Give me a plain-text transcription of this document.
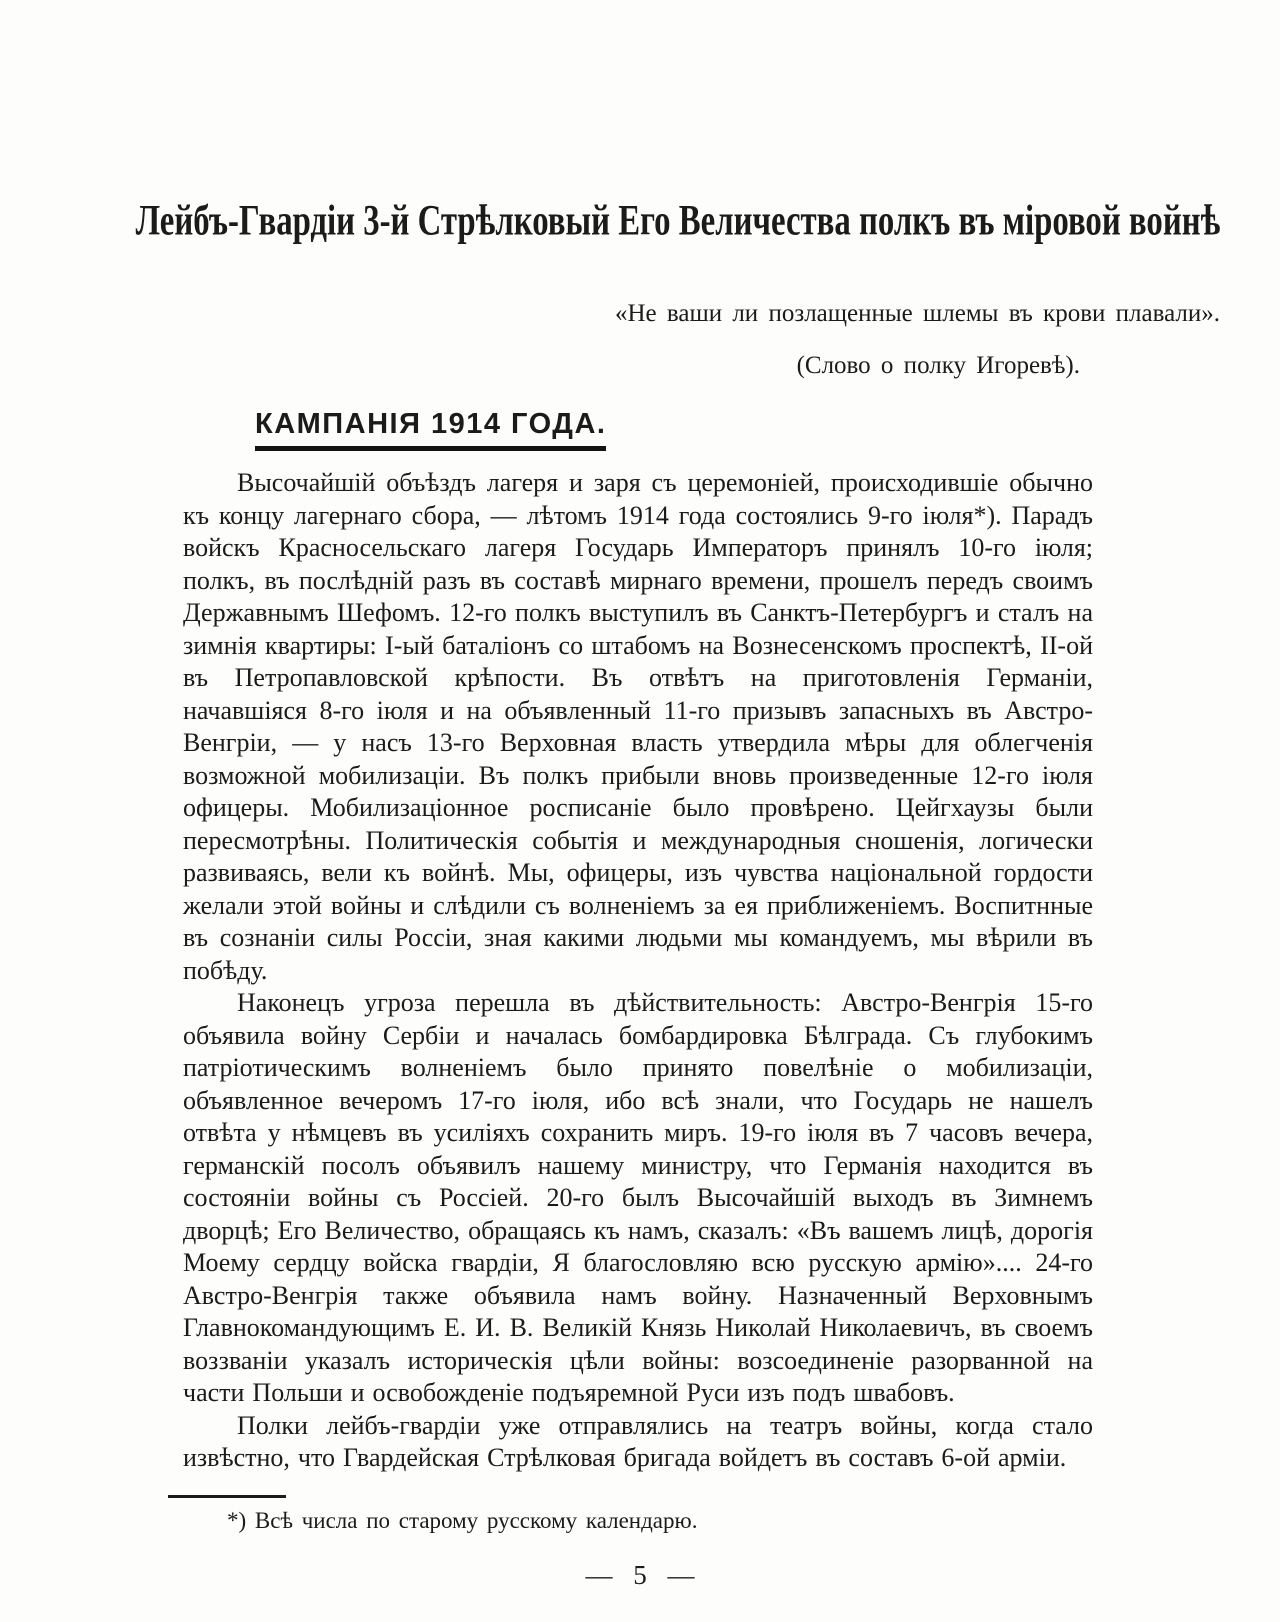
Лейбъ-Гвардіи 3-й Стрѣлковый Его Величества полкъ въ міровой войнѣ
«Не ваши ли позлащенные шлемы въ крови плавали».
(Слово о полку Игоревѣ).
КАМПАНІЯ 1914 ГОДА.

Высочайшій объѣздъ лагеря и заря съ церемоніей, происходившіе обычно къ концу лагернаго сбора, — лѣтомъ 1914 года состоялись 9-го іюля*). Парадъ войскъ Красносельскаго лагеря Государь Императоръ принялъ 10-го іюля; полкъ, въ послѣдній разъ въ составѣ мирнаго времени, прошелъ передъ своимъ Державнымъ Шефомъ. 12-го полкъ выступилъ въ Санктъ-Петербургъ и сталъ на зимнія квартиры: І-ый баталіонъ со штабомъ на Вознесенскомъ проспектѣ, ІІ-ой въ Петропавловской крѣпости. Въ отвѣтъ на приготовленія Германіи, начавшіяся 8-го іюля и на объявленный 11-го призывъ запасныхъ въ Австро-Венгріи, — у насъ 13-го Верховная власть утвердила мѣры для облегченія возможной мобилизаціи. Въ полкъ прибыли вновь произведенные 12-го іюля офицеры. Мобилизаціонное росписаніе было провѣрено. Цейгхаузы были пересмотрѣны. Политическія событія и международныя сношенія, логически развиваясь, вели къ войнѣ. Мы, офицеры, изъ чувства національной гордости желали этой войны и слѣдили съ волненіемъ за ея приближеніемъ. Воспитнные въ сознаніи силы Россіи, зная какими людьми мы командуемъ, мы вѣрили въ побѣду.

Наконецъ угроза перешла въ дѣйствительность: Австро-Венгрія 15-го объявила войну Сербіи и началась бомбардировка Бѣлграда. Съ глубокимъ патріотическимъ волненіемъ было принято повелѣніе о мобилизаціи, объявленное вечеромъ 17-го іюля, ибо всѣ знали, что Государь не нашелъ отвѣта у нѣмцевъ въ усиліяхъ сохранить миръ. 19-го іюля въ 7 часовъ вечера, германскій посолъ объявилъ нашему министру, что Германія находится въ состояніи войны съ Россіей. 20-го былъ Высочайшій выходъ въ Зимнемъ дворцѣ; Его Величество, обращаясь къ намъ, сказалъ: «Въ вашемъ лицѣ, дорогія Моему сердцу войска гвардіи, Я благословляю всю русскую армію».... 24-го Австро-Венгрія также объявила намъ войну. Назначенный Верховнымъ Главнокомандующимъ Е. И. В. Великій Князь Николай Николаевичъ, въ своемъ воззваніи указалъ историческія цѣли войны: возсоединеніе разорванной на части Польши и освобожденіе подъяремной Руси изъ подъ швабовъ.

Полки лейбъ-гвардіи уже отправлялись на театръ войны, когда стало извѣстно, что Гвардейская Стрѣлковая бригада войдетъ въ составъ 6-ой арміи.

*) Всѣ числа по старому русскому календарю.
— 5 —
